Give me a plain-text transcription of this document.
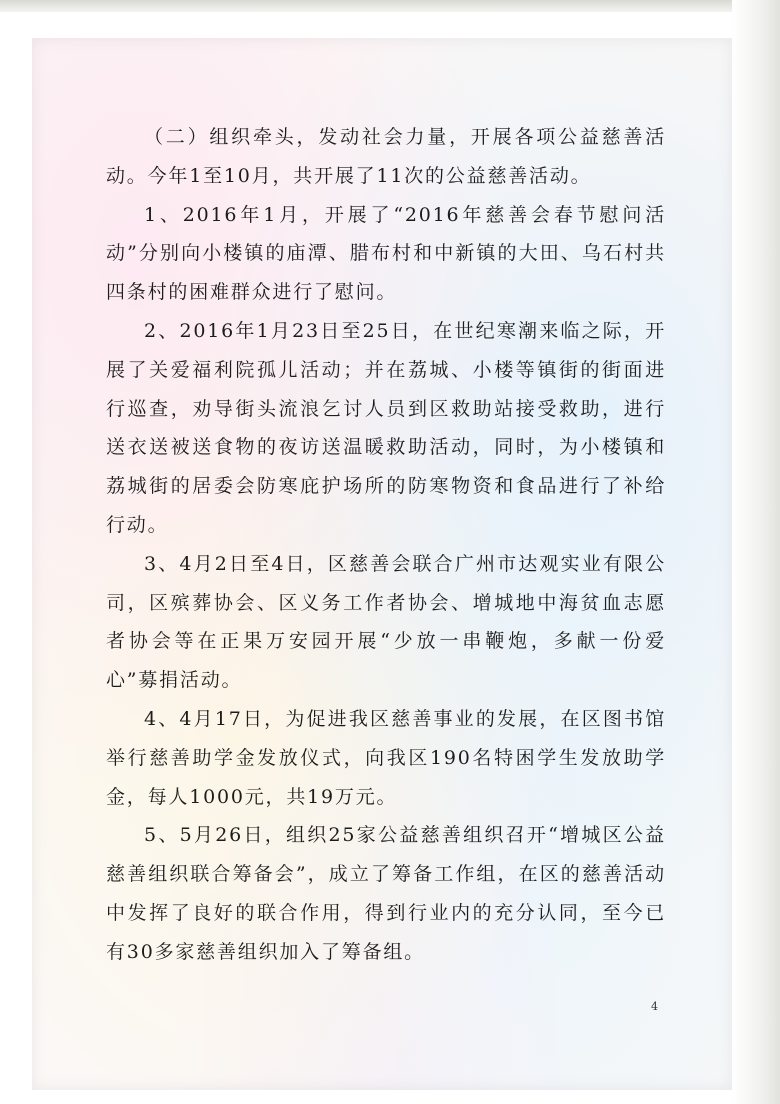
（二）组织牵头，发动社会力量，开展各项公益慈善活动。今年1至10月，共开展了11次的公益慈善活动。

1、2016年1月，开展了“2016年慈善会春节慰问活动”分别向小楼镇的庙潭、腊布村和中新镇的大田、乌石村共四条村的困难群众进行了慰问。

2、2016年1月23日至25日，在世纪寒潮来临之际，开展了关爱福利院孤儿活动；并在荔城、小楼等镇街的街面进行巡查，劝导街头流浪乞讨人员到区救助站接受救助，进行送衣送被送食物的夜访送温暖救助活动，同时，为小楼镇和荔城街的居委会防寒庇护场所的防寒物资和食品进行了补给行动。

3、4月2日至4日，区慈善会联合广州市达观实业有限公司，区殡葬协会、区义务工作者协会、增城地中海贫血志愿者协会等在正果万安园开展“少放一串鞭炮，多献一份爱心”募捐活动。

4、4月17日，为促进我区慈善事业的发展，在区图书馆举行慈善助学金发放仪式，向我区190名特困学生发放助学金，每人1000元，共19万元。

5、5月26日，组织25家公益慈善组织召开“增城区公益慈善组织联合筹备会”，成立了筹备工作组，在区的慈善活动中发挥了良好的联合作用，得到行业内的充分认同，至今已有30多家慈善组织加入了筹备组。

4
